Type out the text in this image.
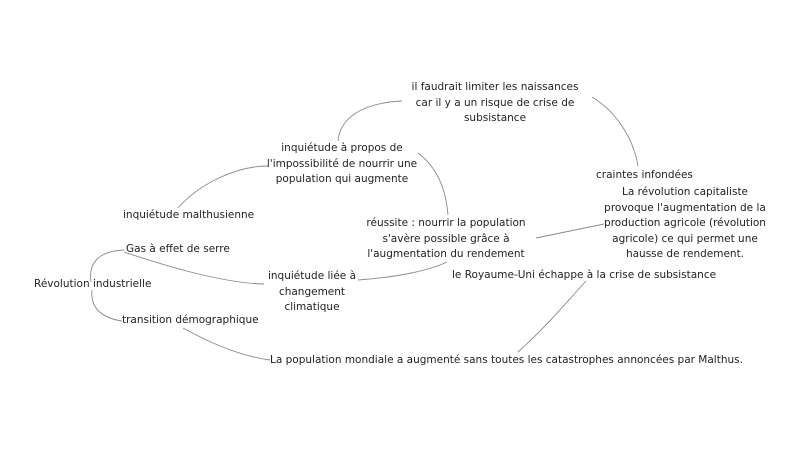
il faudrait limiter les naissances
car il y a un risque de crise de
subsistance
inquiétude à propos de
l'impossibilité de nourrir une
population qui augmente	craintes infondées
La révolution capitaliste
provoque l'augmentation de la
production agricole (révolution
agricole) ce qui permet une
hausse de rendement.
inquiétude malthusienne
réussite : nourrir la population
s'avère possible grâce à
l'augmentation du rendement
Gas à effet de serre
le Royaume-Uni échappe à la crise de subsistance
Révolution industrielle
inquiétude liée à
changement climatique
transition démographique
La population mondiale a augmenté sans toutes les catastrophes annoncées par Malthus.
